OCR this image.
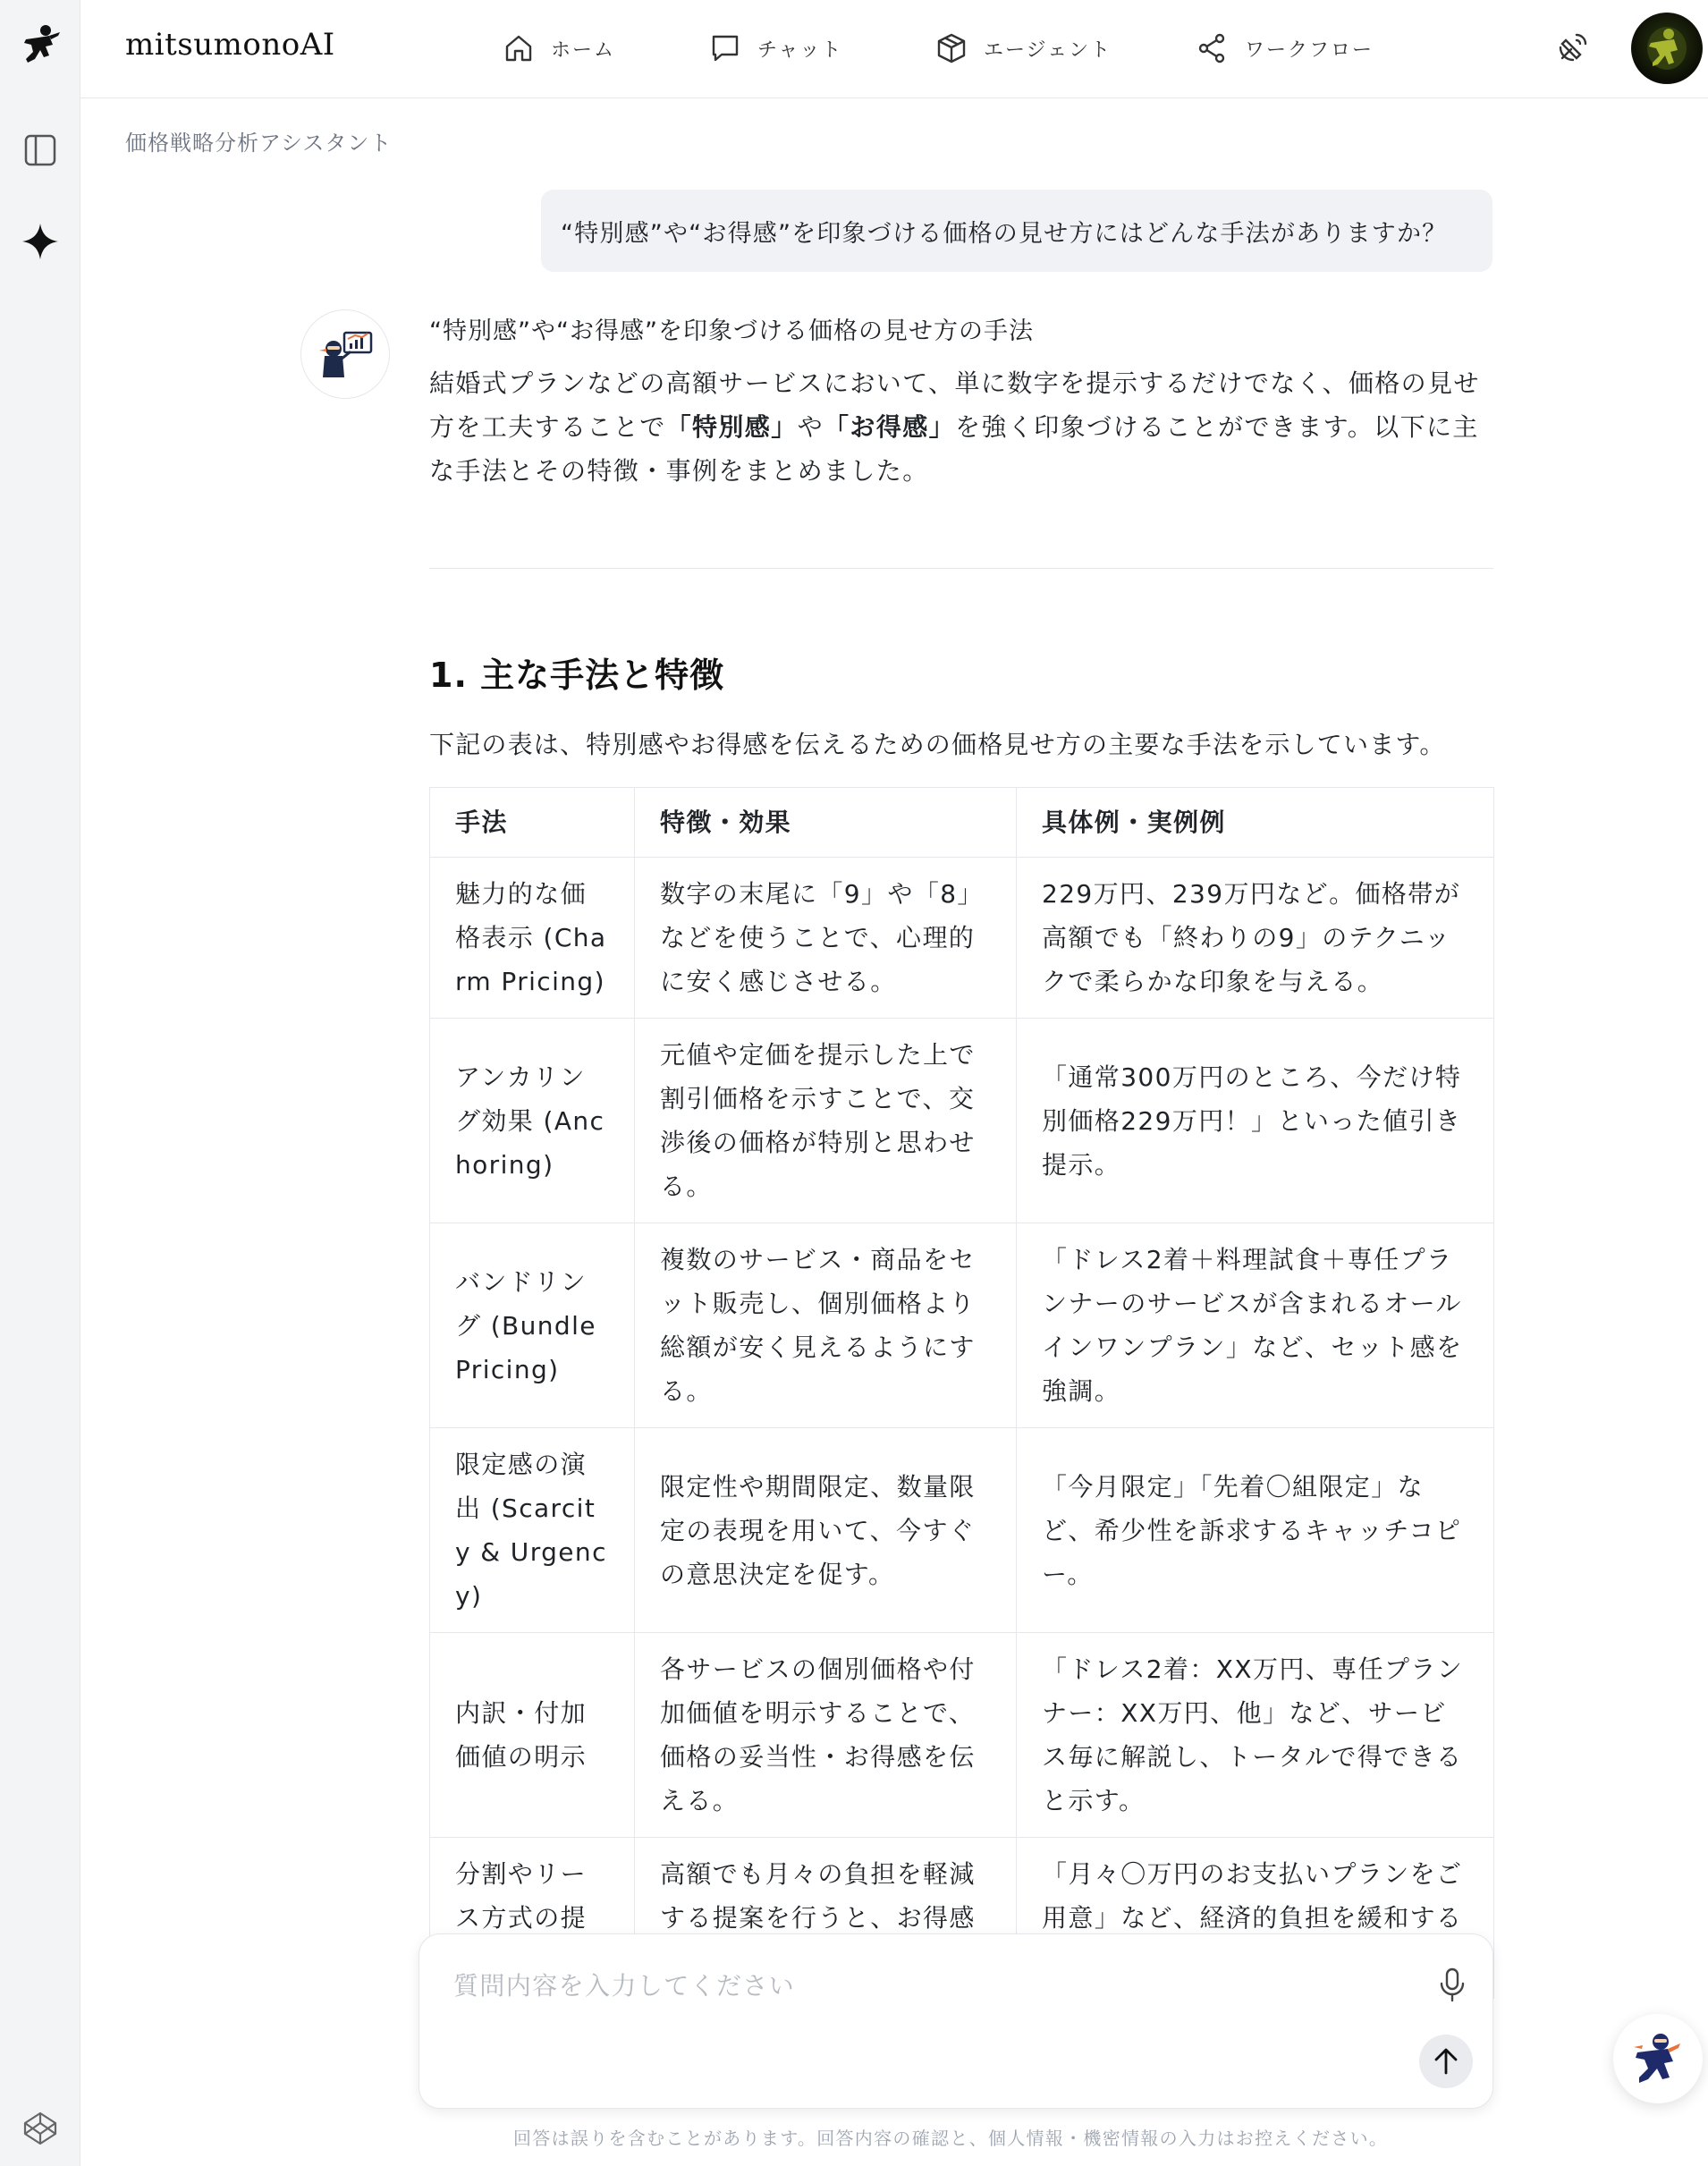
mitsumonoAI	ホーム	チャット	エージェント	ワークフロー
価格戦略分析アシスタント
“特別感”や“お得感”を印象づける価格の見せ方にはどんな手法がありますか？
“特別感”や“お得感”を印象づける価格の見せ方の手法

結婚式プランなどの高額サービスにおいて、単に数字を提示するだけでなく、価格の見せ方を工夫することで「特別感」や「お得感」を強く印象づけることができます。以下に主な手法とその特徴・事例をまとめました。

1. 主な手法と特徴

下記の表は、特別感やお得感を伝えるための価格見せ方の主要な手法を示しています。

手法	特徴・効果	具体例・実例例
魅力的な価格表示 (Charm Pricing)	数字の末尾に「9」や「8」などを使うことで、心理的に安く感じさせる。	229万円、239万円など。価格帯が高額でも「終わりの9」のテクニックで柔らかな印象を与える。
アンカリング効果 (Anchoring)	元値や定価を提示した上で割引価格を示すことで、交渉後の価格が特別と思わせる。	「通常300万円のところ、今だけ特別価格229万円！」といった値引き提示。
バンドリング (Bundle Pricing)	複数のサービス・商品をセット販売し、個別価格より総額が安く見えるようにする。	「ドレス2着＋料理試食＋専任プランナーのサービスが含まれるオールインワンプラン」など、セット感を強調。
限定感の演出 (Scarcity & Urgency)	限定性や期間限定、数量限定の表現を用いて、今すぐの意思決定を促す。	「今月限定」「先着〇組限定」など、希少性を訴求するキャッチコピー。
内訳・付加価値の明示	各サービスの個別価格や付加価値を明示することで、価格の妥当性・お得感を伝える。	「ドレス2着：XX万円、専任プランナー：XX万円、他」など、サービス毎に解説し、トータルで得できると示す。
分割やリース方式の提	高額でも月々の負担を軽減する提案を行うと、お得感	「月々〇万円のお支払いプランをご用意」など、経済的負担を緩和する
質問内容を入力してください
回答は誤りを含むことがあります。回答内容の確認と、個人情報・機密情報の入力はお控えください。
